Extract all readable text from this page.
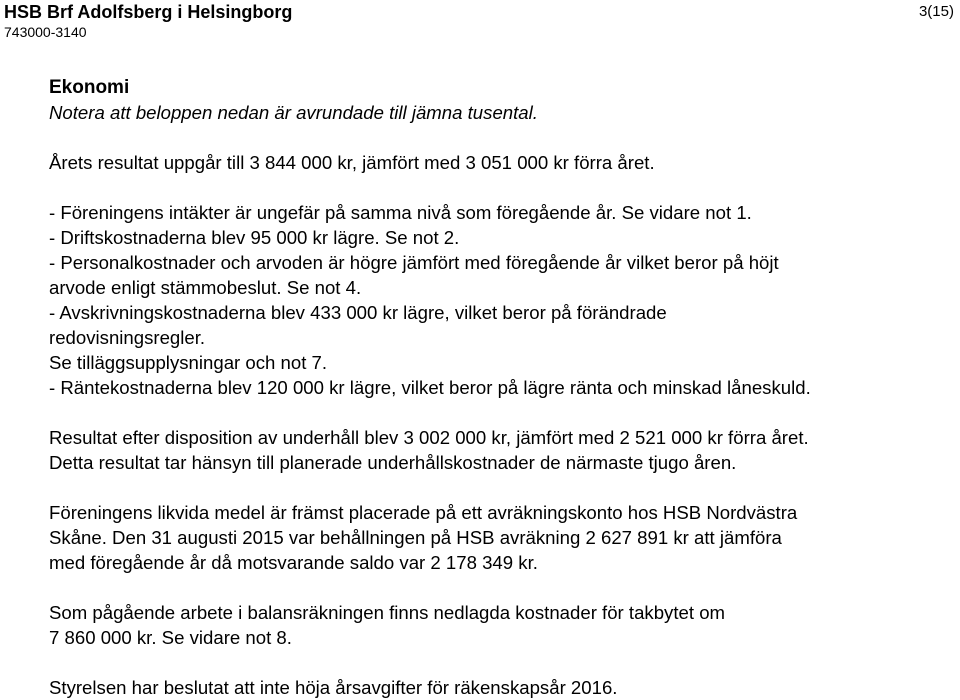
HSB Brf Adolfsberg i Helsingborg
743000-3140
3(15)

Ekonomi

Notera att beloppen nedan är avrundade till jämna tusental.

Årets resultat uppgår till 3 844 000 kr, jämfört med 3 051 000 kr förra året.

- Föreningens intäkter är ungefär på samma nivå som föregående år. Se vidare not 1.

- Driftskostnaderna blev 95 000 kr lägre. Se not 2.

- Personalkostnader och arvoden är högre jämfört med föregående år vilket beror på höjt

arvode enligt stämmobeslut. Se not 4.

- Avskrivningskostnaderna blev 433 000 kr lägre, vilket beror på förändrade

redovisningsregler.

Se tilläggsupplysningar och not 7.

- Räntekostnaderna blev 120 000 kr lägre, vilket beror på lägre ränta och minskad låneskuld.

Resultat efter disposition av underhåll blev 3 002 000 kr, jämfört med 2 521 000 kr förra året.

Detta resultat tar hänsyn till planerade underhållskostnader de närmaste tjugo åren.

Föreningens likvida medel är främst placerade på ett avräkningskonto hos HSB Nordvästra

Skåne. Den 31 augusti 2015 var behållningen på HSB avräkning 2 627 891 kr att jämföra

med föregående år då motsvarande saldo var 2 178 349 kr.

Som pågående arbete i balansräkningen finns nedlagda kostnader för takbytet om

7 860 000 kr. Se vidare not 8.

Styrelsen har beslutat att inte höja årsavgifter för räkenskapsår 2016.
